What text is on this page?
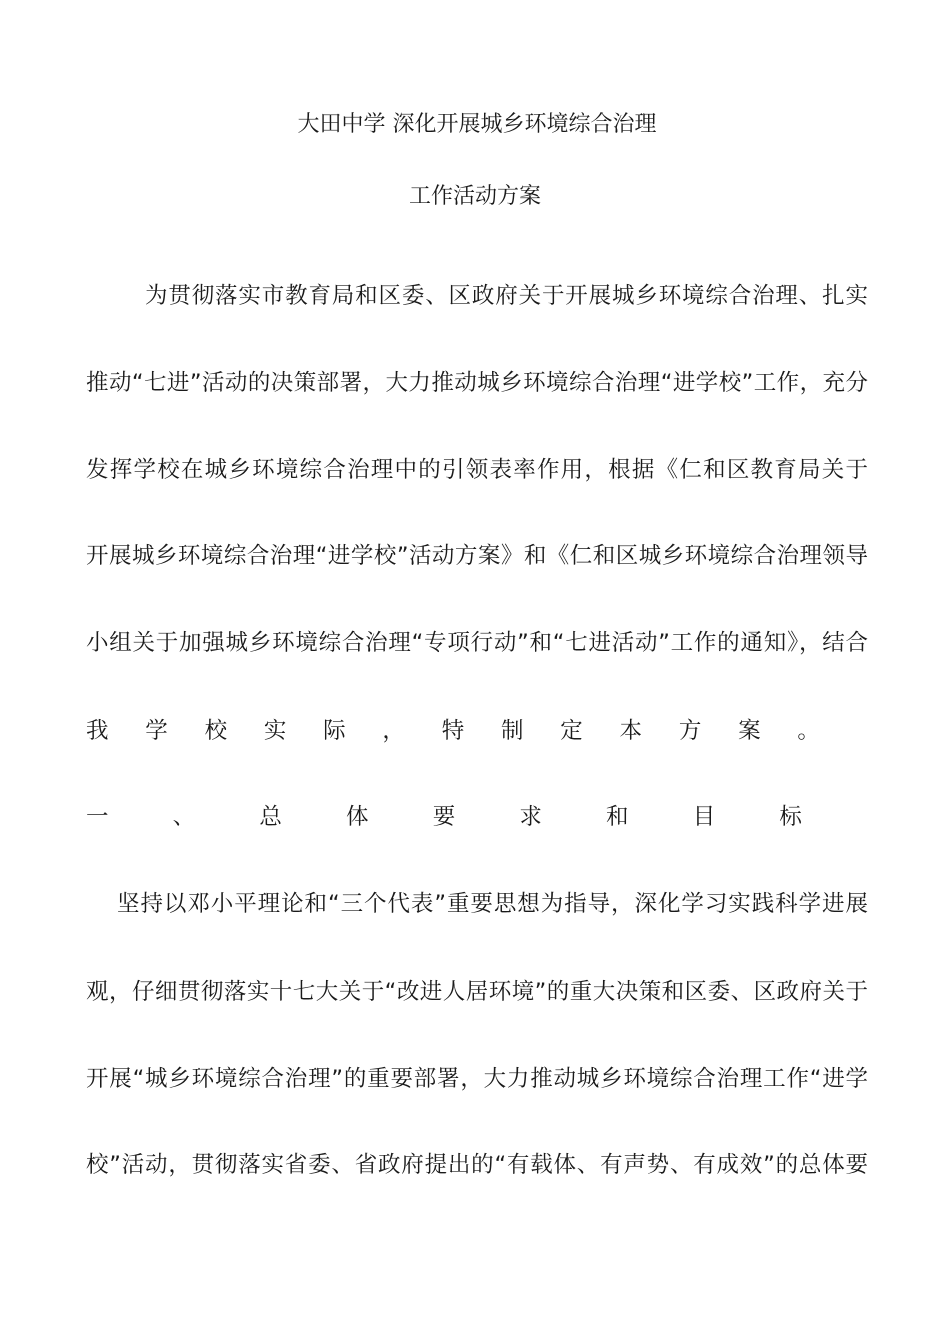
大田中学 深化开展城乡环境综合治理
工作活动方案
为贯彻落实市教育局和区委、区政府关于开展城乡环境综合治理、扎实
推动“七进”活动的决策部署，大力推动城乡环境综合治理“进学校”工作，充分
发挥学校在城乡环境综合治理中的引领表率作用，根据《仁和区教育局关于
开展城乡环境综合治理“进学校”活动方案》和《仁和区城乡环境综合治理领导
小组关于加强城乡环境综合治理“专项行动”和“七进活动”工作的通知》，结合
我 学 校 实 际 ， 特 制 定 本 方 案 。
一	、	总	体	要	求	和	目	标
坚持以邓小平理论和“三个代表”重要思想为指导，深化学习实践科学进展
观，仔细贯彻落实十七大关于“改进人居环境”的重大决策和区委、区政府关于
开展“城乡环境综合治理”的重要部署，大力推动城乡环境综合治理工作“进学
校”活动，贯彻落实省委、省政府提出的“有载体、有声势、有成效”的总体要
